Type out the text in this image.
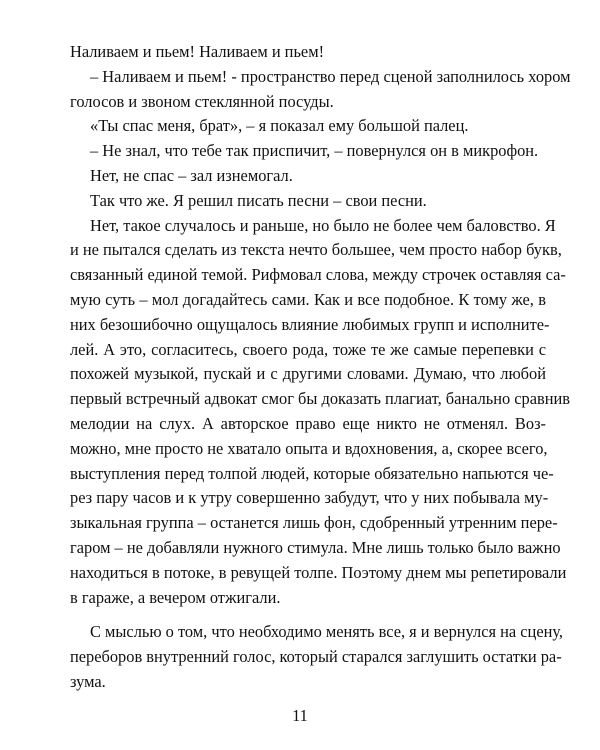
Наливаем и пьем! Наливаем и пьем!
– Наливаем и пьем! - пространство перед сценой заполнилось хором
голосов и звоном стеклянной посуды.
«Ты спас меня, брат», – я показал ему большой палец.
– Не знал, что тебе так приспичит, – повернулся он в микрофон.
Нет, не спас – зал изнемогал.
Так что же. Я решил писать песни – свои песни.
Нет, такое случалось и раньше, но было не более чем баловство. Я
и не пытался сделать из текста нечто большее, чем просто набор букв,
связанный единой темой. Рифмовал слова, между строчек оставляя са-
мую суть – мол догадайтесь сами. Как и все подобное. К тому же, в
них безошибочно ощущалось влияние любимых групп и исполните-
лей. А это, согласитесь, своего рода, тоже те же самые перепевки с
похожей музыкой, пускай и с другими словами. Думаю, что любой
первый встречный адвокат смог бы доказать плагиат, банально сравнив
мелодии на слух. А авторское право еще никто не отменял. Воз-
можно, мне просто не хватало опыта и вдохновения, а, скорее всего,
выступления перед толпой людей, которые обязательно напьются че-
рез пару часов и к утру совершенно забудут, что у них побывала му-
зыкальная группа – останется лишь фон, сдобренный утренним пере-
гаром – не добавляли нужного стимула. Мне лишь только было важно
находиться в потоке, в ревущей толпе. Поэтому днем мы репетировали
в гараже, а вечером отжигали.
С мыслью о том, что необходимо менять все, я и вернулся на сцену,
переборов внутренний голос, который старался заглушить остатки ра-
зума.
11
